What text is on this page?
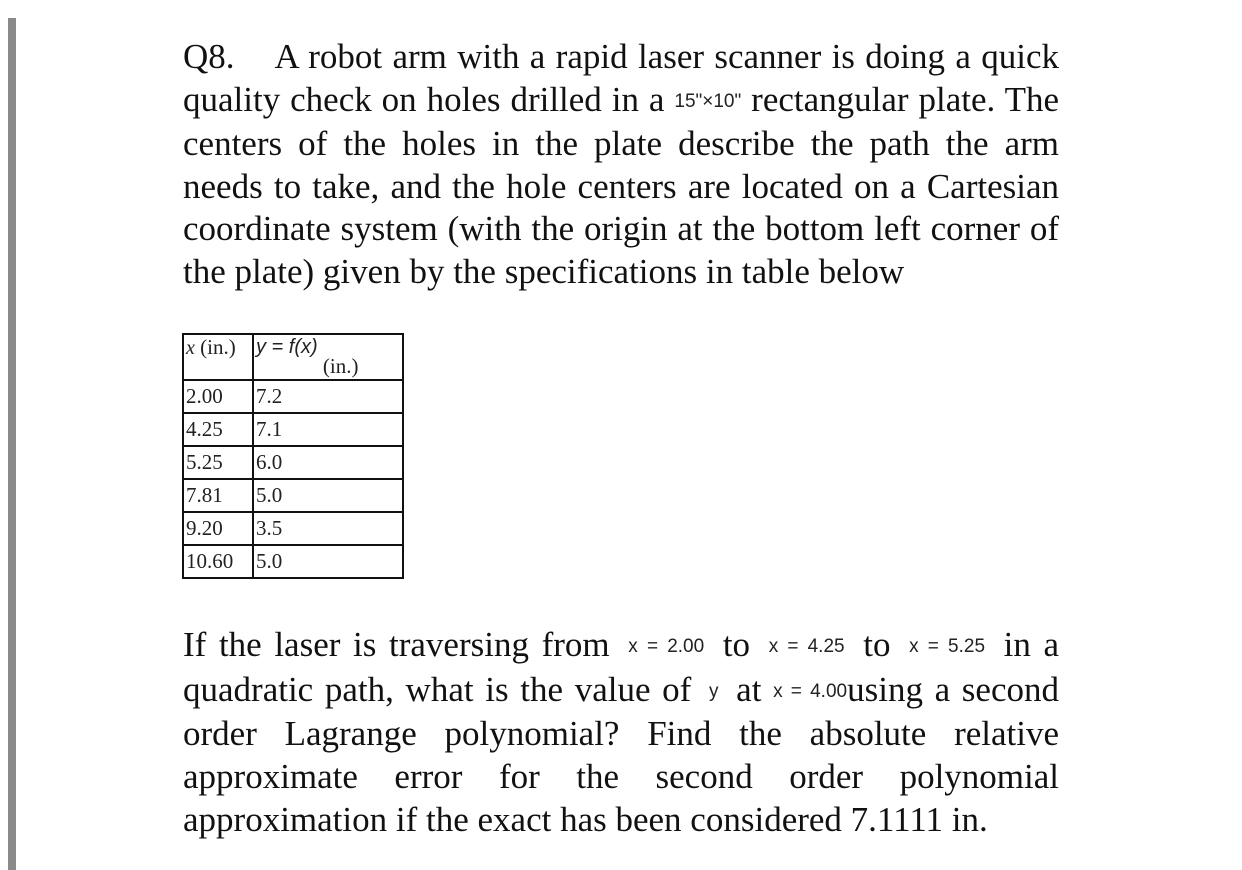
Q8. A robot arm with a rapid laser scanner is doing a quick quality check on holes drilled in a 15"×10" rectangular plate. The centers of the holes in the plate describe the path the arm needs to take, and the hole centers are located on a Cartesian coordinate system (with the origin at the bottom left corner of the plate) given by the specifications in table below
x (in.)	y = f(x) (in.)
2.00	7.2
4.25	7.1
5.25	6.0
7.81	5.0
9.20	3.5
10.60	5.0
If the laser is traversing from x = 2.00 to x = 4.25 to x = 5.25 in a quadratic path, what is the value of y at x = 4.00using a second order Lagrange polynomial? Find the absolute relative approximate error for the second order polynomial approximation if the exact has been considered 7.1111 in.
